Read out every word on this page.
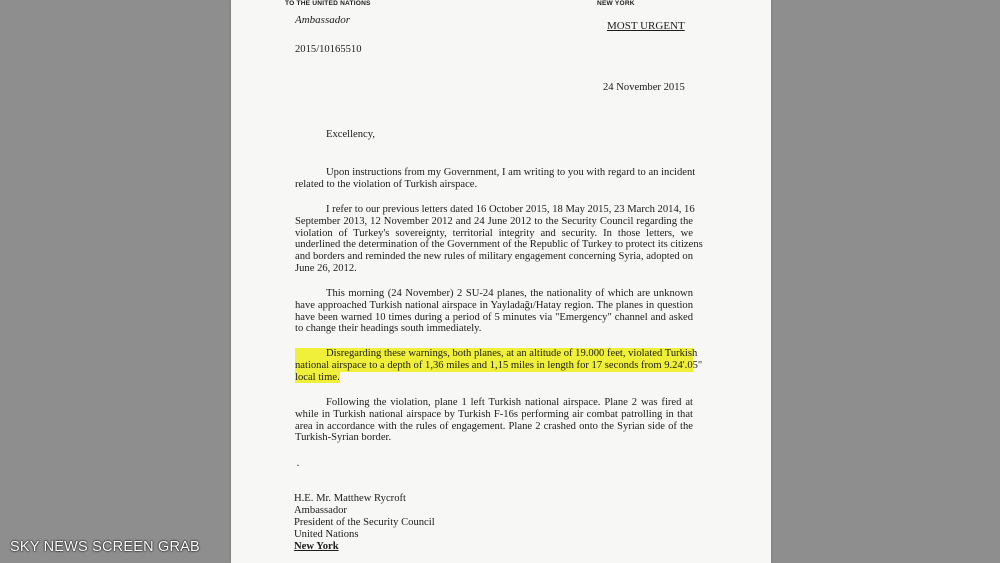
TO THE UNITED NATIONS	NEW YORK
Ambassador	MOST URGENT
2015/10165510
24 November 2015
Excellency,
Upon instructions from my Government, I am writing to you with regard to an incident
related to the violation of Turkish airspace.
I refer to our previous letters dated 16 October 2015, 18 May 2015, 23 March 2014, 16
September 2013, 12 November 2012 and 24 June 2012 to the Security Council regarding the
violation of Turkey's sovereignty, territorial integrity and security. In those letters, we
underlined the determination of the Government of the Republic of Turkey to protect its citizens
and borders and reminded the new rules of military engagement concerning Syria, adopted on
June 26, 2012.
This morning (24 November) 2 SU-24 planes, the nationality of which are unknown
have approached Turkish national airspace in Yayladağı/Hatay region. The planes in question
have been warned 10 times during a period of 5 minutes via "Emergency" channel and asked
to change their headings south immediately.
Disregarding these warnings, both planes, at an altitude of 19.000 feet, violated Turkish
national airspace to a depth of 1,36 miles and 1,15 miles in length for 17 seconds from 9.24'.05"
local time.
Following the violation, plane 1 left Turkish national airspace. Plane 2 was fired at
while in Turkish national airspace by Turkish F-16s performing air combat patrolling in that
area in accordance with the rules of engagement. Plane 2 crashed onto the Syrian side of the
Turkish-Syrian border.
·
H.E. Mr. Matthew Rycroft
Ambassador
President of the Security Council
United Nations
New York
SKY NEWS SCREEN GRAB
